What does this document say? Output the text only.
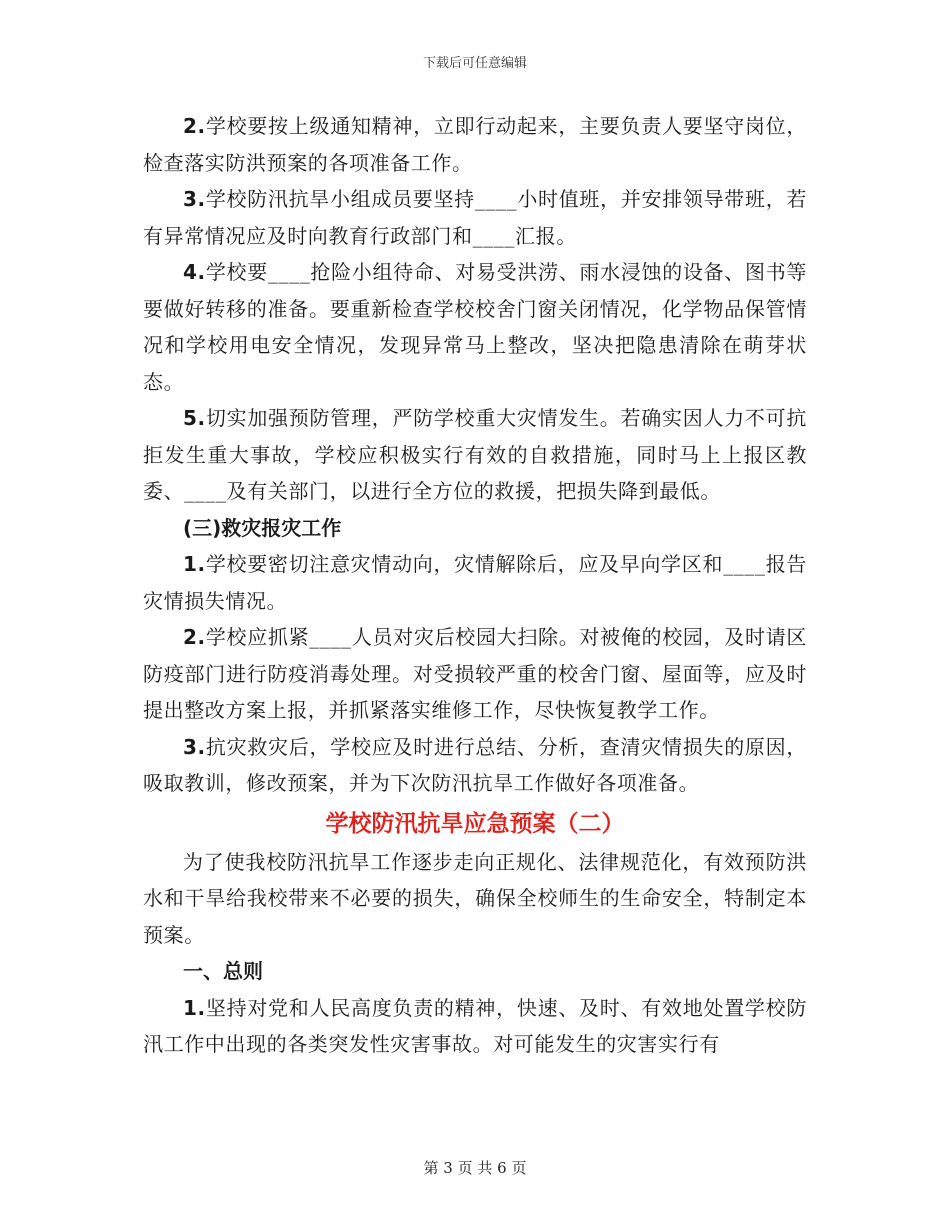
下载后可任意编辑

2.学校要按上级通知精神，立即行动起来，主要负责人要坚守岗位，检查落实防洪预案的各项准备工作。

3.学校防汛抗旱小组成员要坚持____小时值班，并安排领导带班，若有异常情况应及时向教育行政部门和____汇报。

4.学校要____抢险小组待命、对易受洪涝、雨水浸蚀的设备、图书等要做好转移的准备。要重新检查学校校舍门窗关闭情况，化学物品保管情况和学校用电安全情况，发现异常马上整改，坚决把隐患清除在萌芽状态。

5.切实加强预防管理，严防学校重大灾情发生。若确实因人力不可抗拒发生重大事故，学校应积极实行有效的自救措施，同时马上上报区教委、____及有关部门，以进行全方位的救援，把损失降到最低。

(三)救灾报灾工作

1.学校要密切注意灾情动向，灾情解除后，应及早向学区和____报告灾情损失情况。

2.学校应抓紧____人员对灾后校园大扫除。对被俺的校园，及时请区防疫部门进行防疫消毒处理。对受损较严重的校舍门窗、屋面等，应及时提出整改方案上报，并抓紧落实维修工作，尽快恢复教学工作。

3.抗灾救灾后，学校应及时进行总结、分析，查清灾情损失的原因，吸取教训，修改预案，并为下次防汛抗旱工作做好各项准备。

学校防汛抗旱应急预案（二）

为了使我校防汛抗旱工作逐步走向正规化、法律规范化，有效预防洪水和干旱给我校带来不必要的损失，确保全校师生的生命安全，特制定本预案。

一、总则

1.坚持对党和人民高度负责的精神，快速、及时、有效地处置学校防汛工作中出现的各类突发性灾害事故。对可能发生的灾害实行有

第 3 页 共 6 页
